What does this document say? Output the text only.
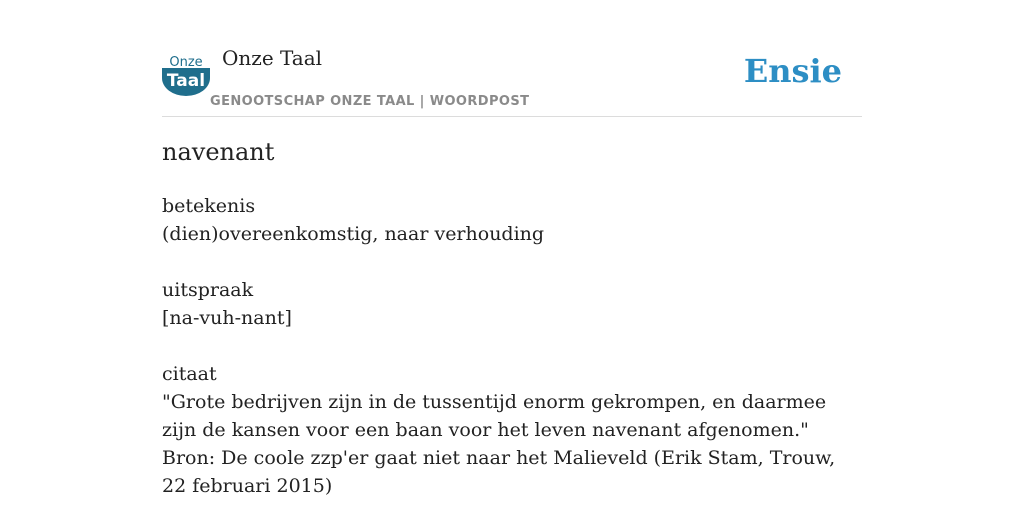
Onze
Taal
Onze Taal
GENOOTSCHAP ONZE TAAL | WOORDPOST
Ensie
navenant
betekenis
(dien)overeenkomstig, naar verhouding
uitspraak
[na-vuh-nant]
citaat
"Grote bedrijven zijn in de tussentijd enorm gekrompen, en daarmee zijn de kansen voor een baan voor het leven navenant afgenomen."
Bron: De coole zzp'er gaat niet naar het Malieveld (Erik Stam, Trouw, 22 februari 2015)
